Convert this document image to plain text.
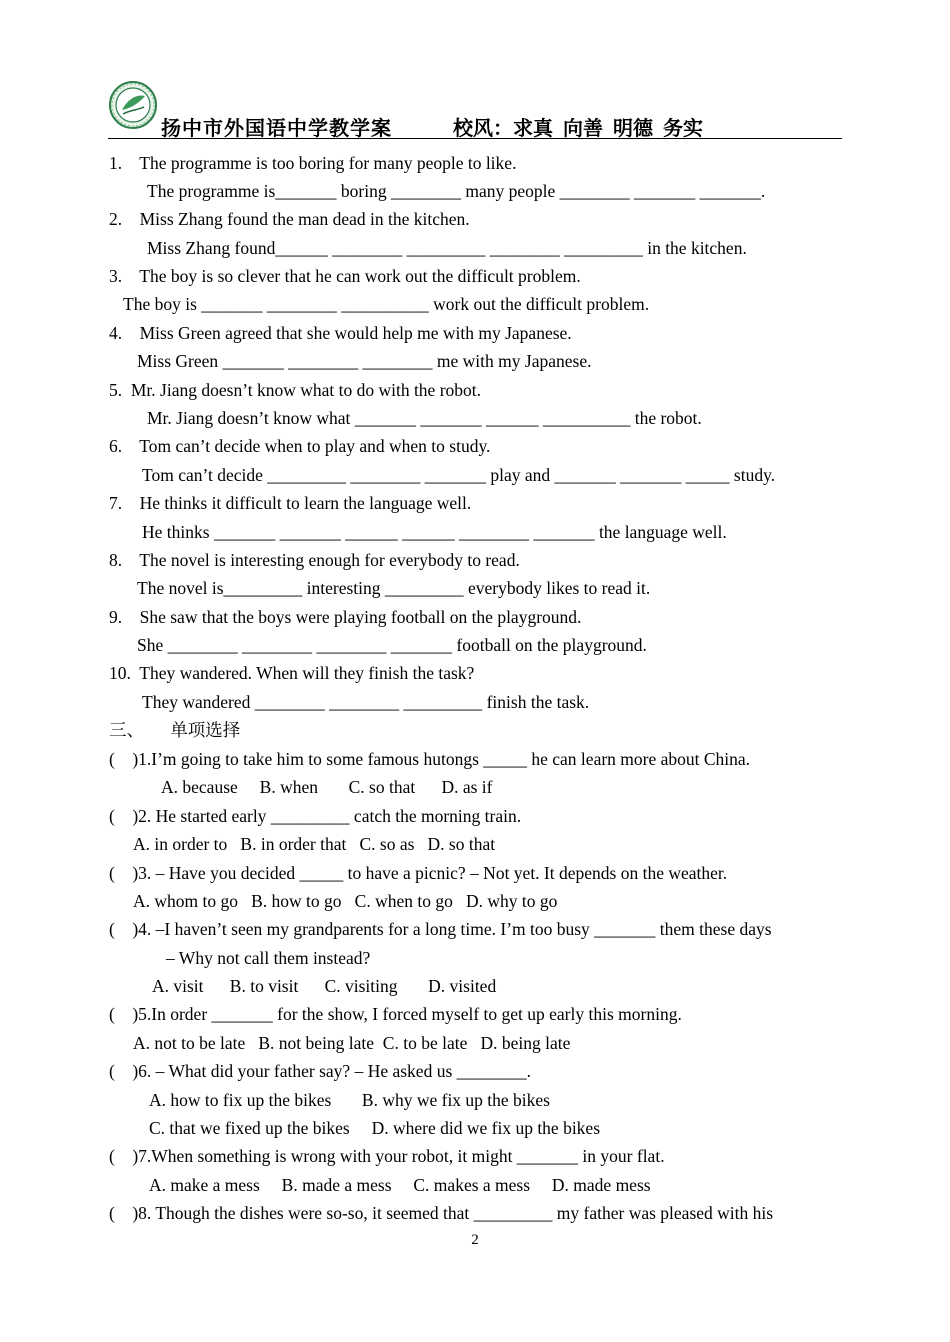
扬中市外国语中学教学案	校风：求真 向善 明德 务实
1.    The programme is too boring for many people to like.
The programme is_______ boring ________ many people ________ _______ _______.
2.    Miss Zhang found the man dead in the kitchen.
Miss Zhang found______ ________ _________ ________ _________ in the kitchen.
3.    The boy is so clever that he can work out the difficult problem.
The boy is _______ ________ __________ work out the difficult problem.
4.    Miss Green agreed that she would help me with my Japanese.
Miss Green _______ ________ ________ me with my Japanese.
5.  Mr. Jiang doesn’t know what to do with the robot.
Mr. Jiang doesn’t know what _______ _______ ______ __________ the robot.
6.    Tom can’t decide when to play and when to study.
Tom can’t decide _________ ________ _______ play and _______ _______ _____ study.
7.    He thinks it difficult to learn the language well.
He thinks _______ _______ ______ ______ ________ _______ the language well.
8.    The novel is interesting enough for everybody to read.
The novel is_________ interesting _________ everybody likes to read it.
9.    She saw that the boys were playing football on the playground.
She ________ ________ ________ _______ football on the playground.
10.  They wandered. When will they finish the task?
They wandered ________ ________ _________ finish the task.
三、      单项选择
(    )1.I’m going to take him to some famous hutongs _____ he can learn more about China.
A. because     B. when       C. so that      D. as if
(    )2. He started early _________ catch the morning train.
A. in order to   B. in order that   C. so as   D. so that
(    )3. – Have you decided _____ to have a picnic? – Not yet. It depends on the weather.
A. whom to go   B. how to go   C. when to go   D. why to go
(    )4. –I haven’t seen my grandparents for a long time. I’m too busy _______ them these days
– Why not call them instead?
A. visit      B. to visit      C. visiting       D. visited
(    )5.In order _______ for the show, I forced myself to get up early this morning.
A. not to be late   B. not being late  C. to be late   D. being late
(    )6. – What did your father say? – He asked us ________.
A. how to fix up the bikes       B. why we fix up the bikes
C. that we fixed up the bikes     D. where did we fix up the bikes
(    )7.When something is wrong with your robot, it might _______ in your flat.
A. make a mess     B. made a mess     C. makes a mess     D. made mess
(    )8. Though the dishes were so-so, it seemed that _________ my father was pleased with his
2
